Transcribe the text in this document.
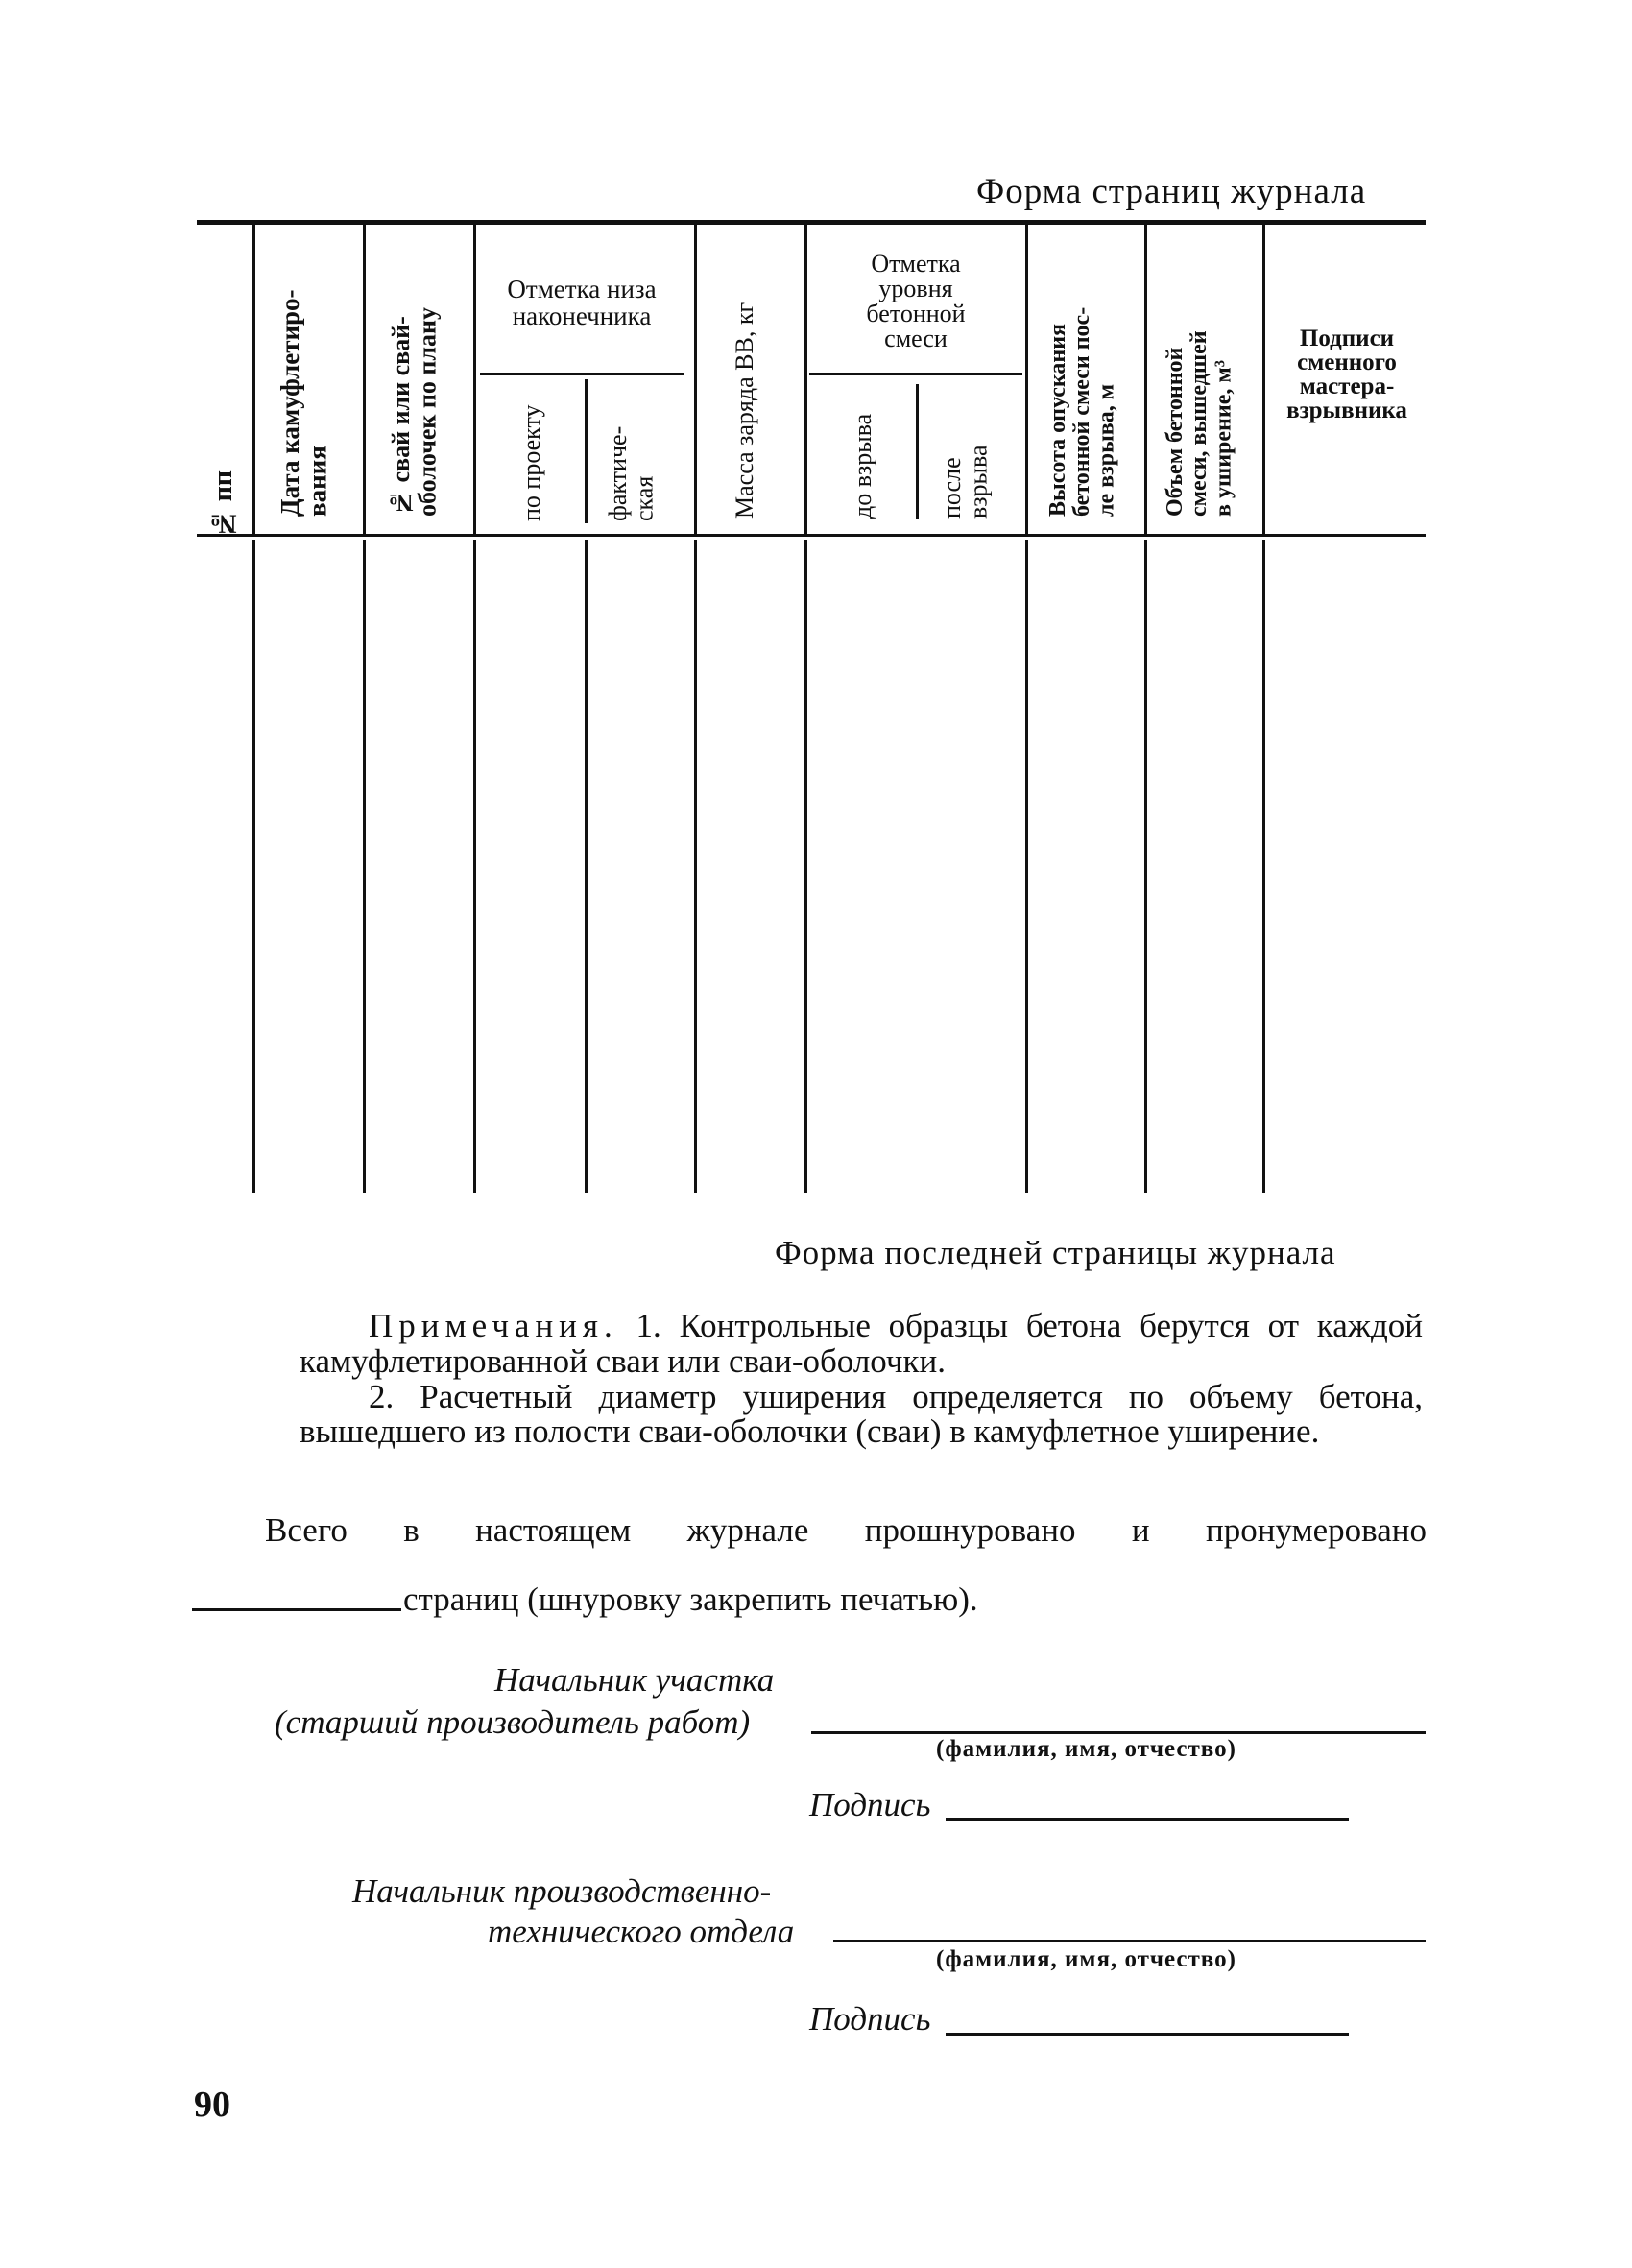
Форма страниц журнала
№ пп Дата камуфлетиро-
вания № свай или свай-
оболочек по плану
Отметка низа
наконечника
по проекту фактиче-
ская	Масса заряда ВВ, кг
Отметка
уровня
бетонной
смеси
до взрыва после
взрыва Высота опускания
бетонной смеси пос-
ле взрыва, м
Объем бетонной
смеси, вышедшей
в уширение, м³
Подписи
сменного
мастера-
взрывника
Форма последней страницы журнала

Примечания. 1. Контрольные образцы бетона берутся от каждой камуфлетированной сваи или сваи-оболочки.

2. Расчетный диаметр уширения определяется по объему бетона, вышедшего из полости сваи-оболочки (сваи) в камуфлетное уширение.

Всего в настоящем журнале прошнуровано и пронумеровано
страниц (шнуровку закрепить печатью).
Начальник участка
(старший производитель работ)
(фамилия, имя, отчество)
Подпись
Начальник производственно-
технического отдела
(фамилия, имя, отчество)
Подпись
90
